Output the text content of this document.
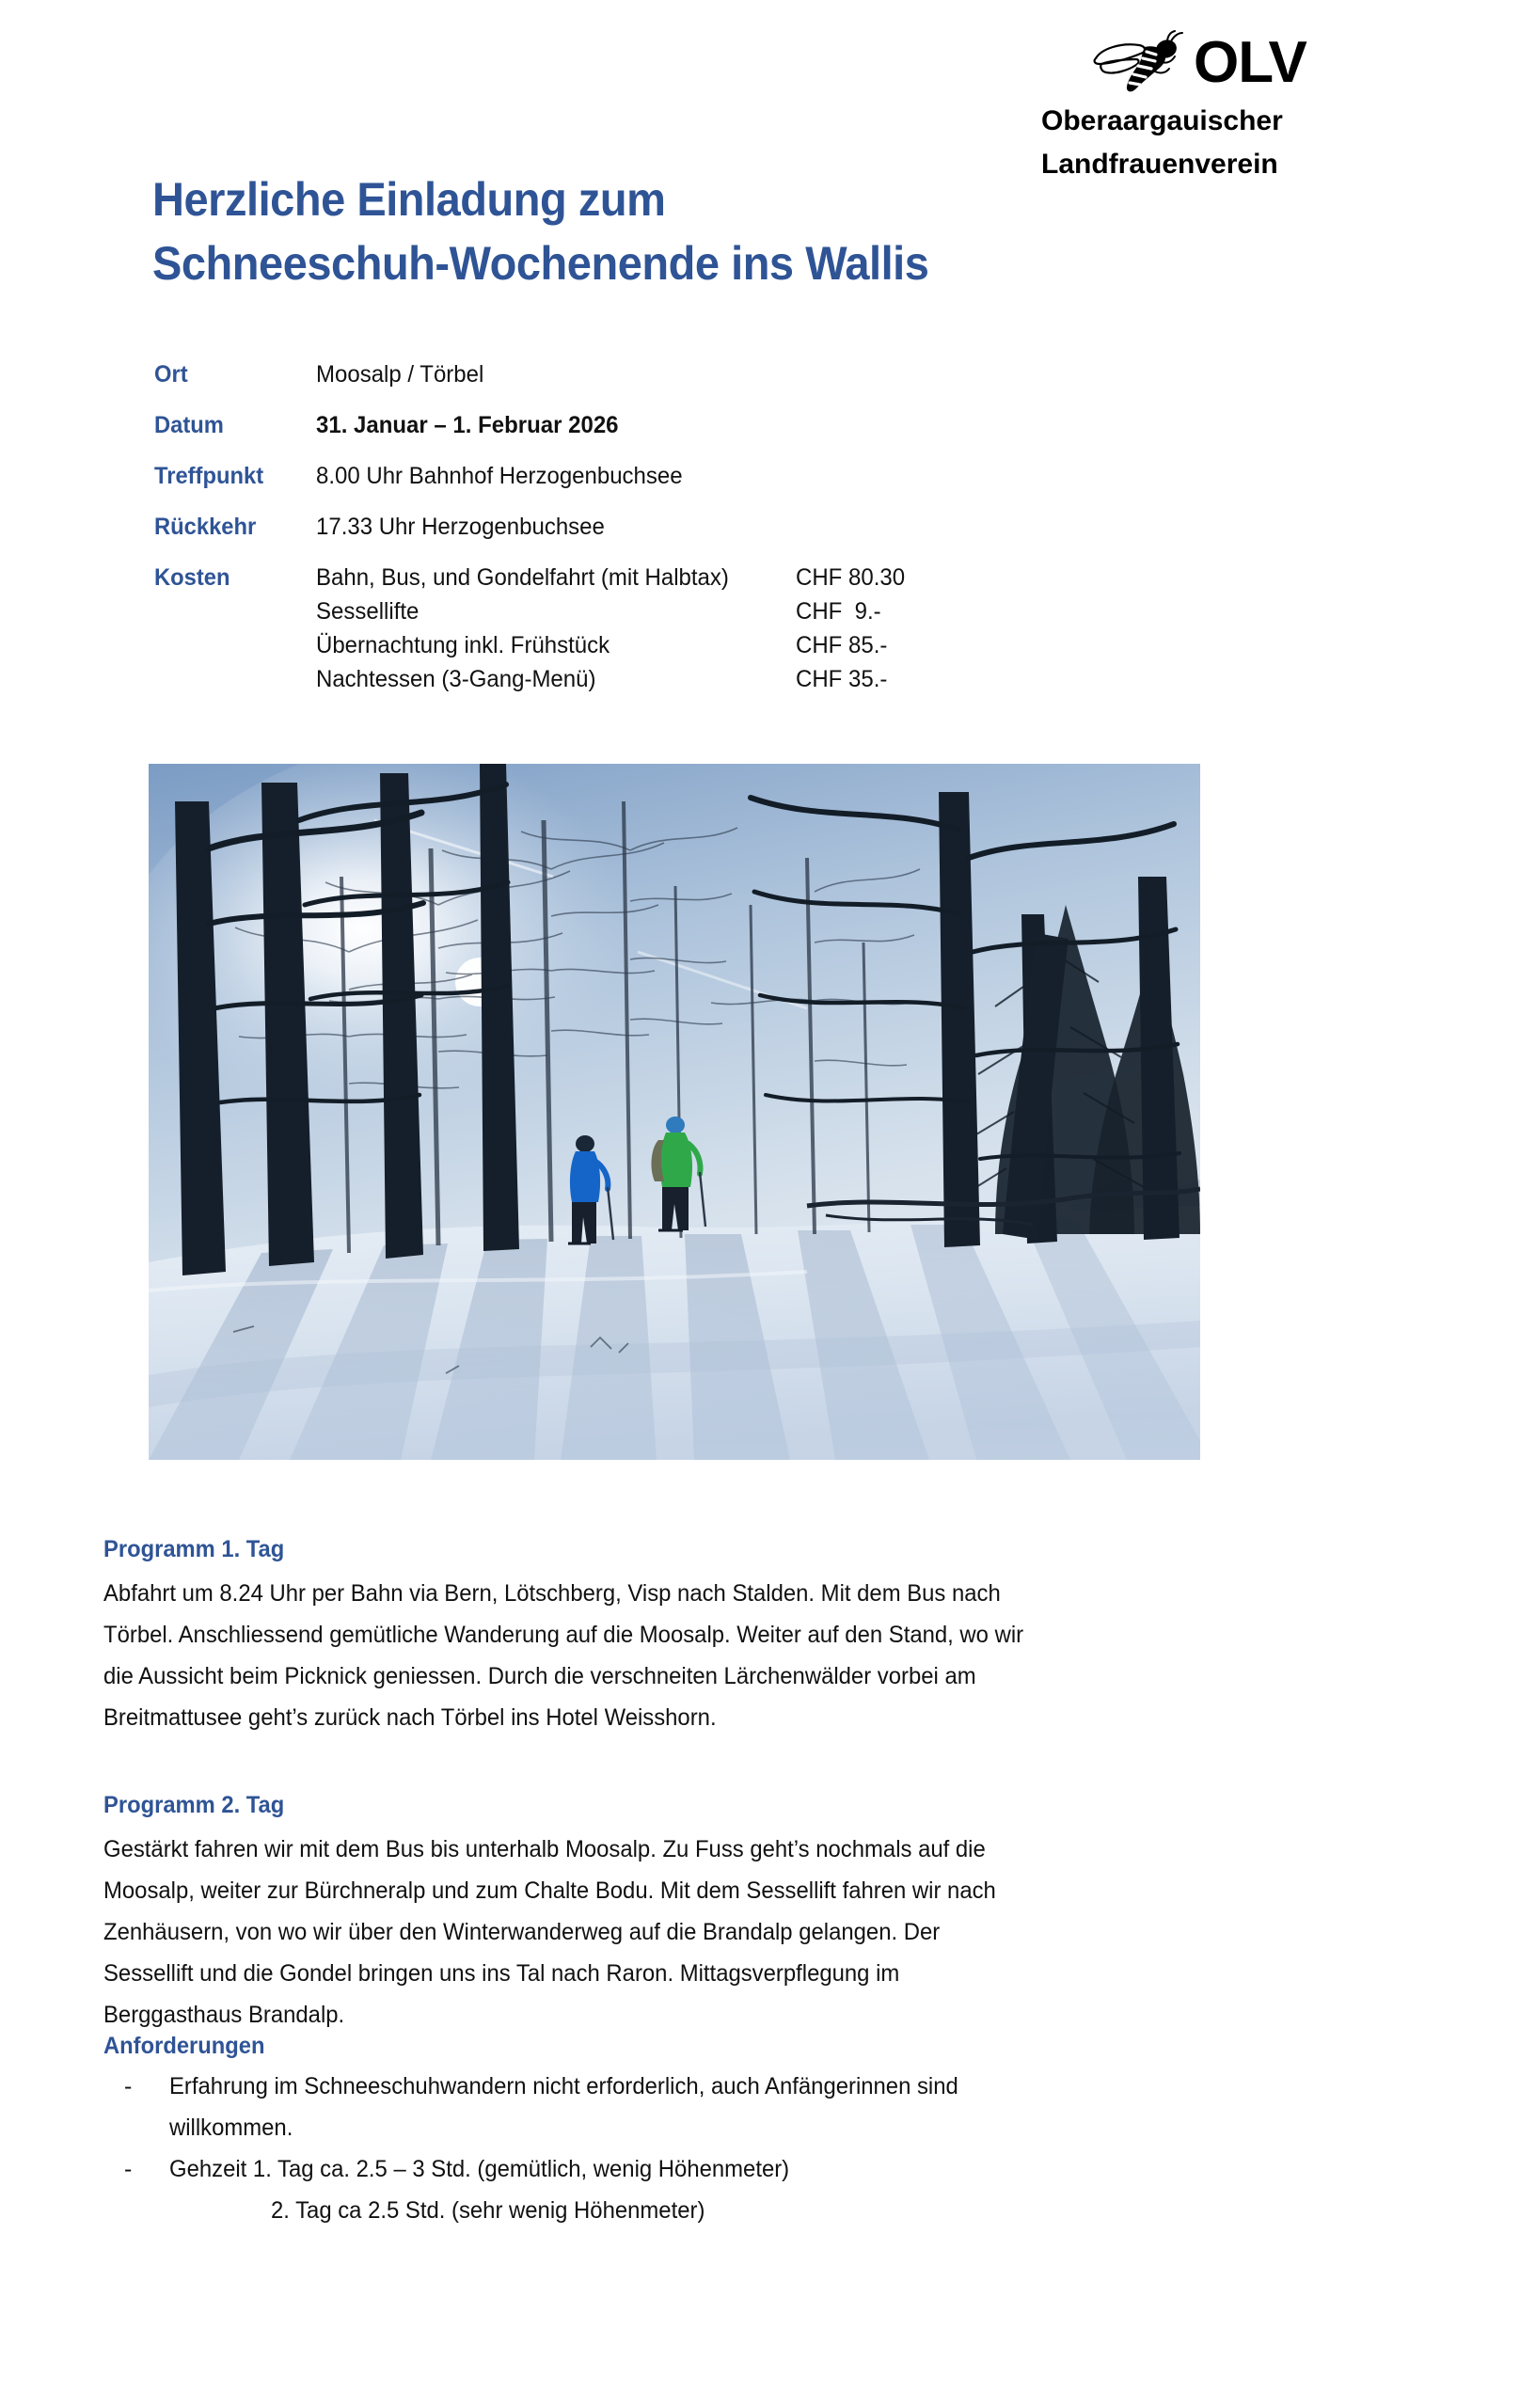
OLV
Oberaargauischer
Landfrauenverein
Herzliche Einladung zum
Schneeschuh-Wochenende ins Wallis
Ort	Moosalp / Törbel
Datum	31. Januar – 1. Februar 2026
Treffpunkt	8.00 Uhr Bahnhof Herzogenbuchsee
Rückkehr	17.33 Uhr Herzogenbuchsee
Kosten	Bahn, Bus, und Gondelfahrt (mit Halbtax)	CHF 80.30
Sessellifte	CHF  9.-
Übernachtung inkl. Frühstück	CHF 85.-
Nachtessen (3-Gang-Menü)	CHF 35.-
Programm 1. Tag
Abfahrt um 8.24 Uhr per Bahn via Bern, Lötschberg, Visp nach Stalden. Mit dem Bus nach
Törbel. Anschliessend gemütliche Wanderung auf die Moosalp. Weiter auf den Stand, wo wir
die Aussicht beim Picknick geniessen. Durch die verschneiten Lärchenwälder vorbei am
Breitmattusee geht’s zurück nach Törbel ins Hotel Weisshorn.
Programm 2. Tag
Gestärkt fahren wir mit dem Bus bis unterhalb Moosalp. Zu Fuss geht’s nochmals auf die
Moosalp, weiter zur Bürchneralp und zum Chalte Bodu. Mit dem Sessellift fahren wir nach
Zenhäusern, von wo wir über den Winterwanderweg auf die Brandalp gelangen. Der
Sessellift und die Gondel bringen uns ins Tal nach Raron. Mittagsverpflegung im
Berggasthaus Brandalp.
Anforderungen
-	Erfahrung im Schneeschuhwandern nicht erforderlich, auch Anfängerinnen sind
willkommen.
-	Gehzeit 1. Tag ca. 2.5 – 3 Std. (gemütlich, wenig Höhenmeter)
2. Tag ca 2.5 Std. (sehr wenig Höhenmeter)
